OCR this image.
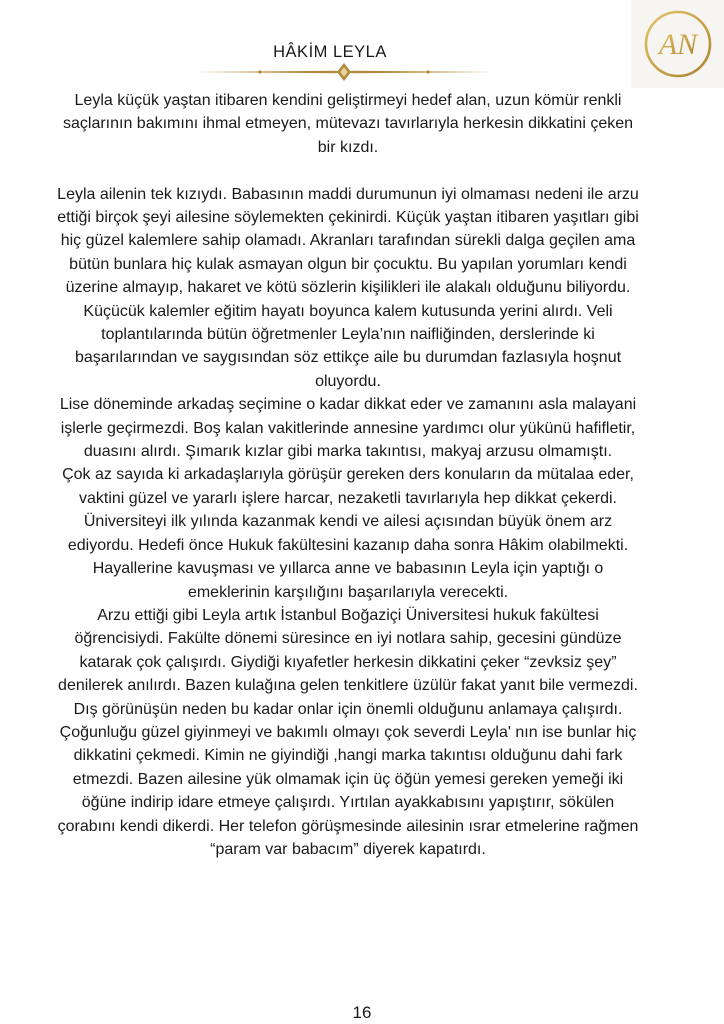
AN
HÂKİM LEYLA

Leyla küçük yaştan itibaren kendini geliştirmeyi hedef alan, uzun kömür renkli saçlarının bakımını ihmal etmeyen, mütevazı tavırlarıyla herkesin dikkatini çeken bir kızdı.

Leyla ailenin tek kızıydı. Babasının maddi durumunun iyi olmaması nedeni ile arzu ettiği birçok şeyi ailesine söylemekten çekinirdi. Küçük yaştan itibaren yaşıtları gibi hiç güzel kalemlere sahip olamadı. Akranları tarafından sürekli dalga geçilen ama bütün bunlara hiç kulak asmayan olgun bir çocuktu. Bu yapılan yorumları kendi üzerine almayıp, hakaret ve kötü sözlerin kişilikleri ile alakalı olduğunu biliyordu.

Küçücük kalemler eğitim hayatı boyunca kalem kutusunda yerini alırdı. Veli toplantılarında bütün öğretmenler Leyla’nın naifliğinden, derslerinde ki başarılarından ve saygısından söz ettikçe aile bu durumdan fazlasıyla hoşnut oluyordu.

Lise döneminde arkadaş seçimine o kadar dikkat eder ve zamanını asla malayani işlerle geçirmezdi. Boş kalan vakitlerinde annesine yardımcı olur yükünü hafifletir, duasını alırdı. Şımarık kızlar gibi marka takıntısı, makyaj arzusu olmamıştı.

Çok az sayıda ki arkadaşlarıyla görüşür gereken ders konuların da mütalaa eder, vaktini güzel ve yararlı işlere harcar, nezaketli tavırlarıyla hep dikkat çekerdi. Üniversiteyi ilk yılında kazanmak kendi ve ailesi açısından büyük önem arz ediyordu. Hedefi önce Hukuk fakültesini kazanıp daha sonra Hâkim olabilmekti. Hayallerine kavuşması ve yıllarca anne ve babasının Leyla için yaptığı o emeklerinin karşılığını başarılarıyla verecekti.

Arzu ettiği gibi Leyla artık İstanbul Boğaziçi Üniversitesi hukuk fakültesi öğrencisiydi. Fakülte dönemi süresince en iyi notlara sahip, gecesini gündüze katarak çok çalışırdı. Giydiği kıyafetler herkesin dikkatini çeker “zevksiz şey” denilerek anılırdı. Bazen kulağına gelen tenkitlere üzülür fakat yanıt bile vermezdi. Dış görünüşün neden bu kadar onlar için önemli olduğunu anlamaya çalışırdı. Çoğunluğu güzel giyinmeyi ve bakımlı olmayı çok severdi Leyla' nın ise bunlar hiç dikkatini çekmedi. Kimin ne giyindiği ,hangi marka takıntısı olduğunu dahi fark etmezdi. Bazen ailesine yük olmamak için üç öğün yemesi gereken yemeği iki öğüne indirip idare etmeye çalışırdı. Yırtılan ayakkabısını yapıştırır, sökülen çorabını kendi dikerdi. Her telefon görüşmesinde ailesinin ısrar etmelerine rağmen “param var babacım” diyerek kapatırdı.

16
